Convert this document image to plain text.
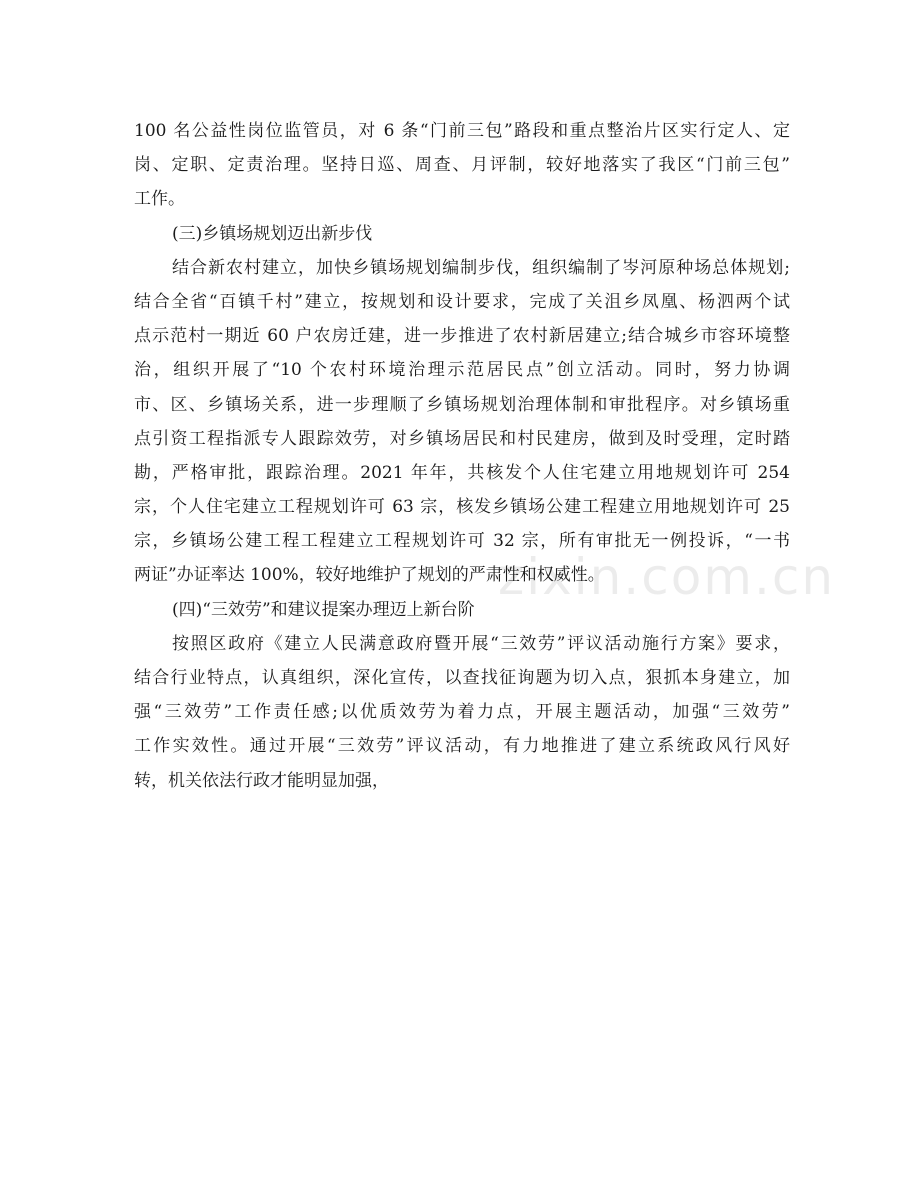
100 名公益性岗位监管员，对 6 条“门前三包”路段和重点整治片区实行定人、定
岗、定职、定责治理。坚持日巡、周查、月评制，较好地落实了我区“门前三包”
工作。
(三)乡镇场规划迈出新步伐
结合新农村建立，加快乡镇场规划编制步伐，组织编制了岑河原种场总体规划;
结合全省“百镇千村”建立，按规划和设计要求，完成了关沮乡凤凰、杨泗两个试
点示范村一期近 60 户农房迁建，进一步推进了农村新居建立;结合城乡市容环境整
治，组织开展了“10 个农村环境治理示范居民点”创立活动。同时，努力协调
市、区、乡镇场关系，进一步理顺了乡镇场规划治理体制和审批程序。对乡镇场重
点引资工程指派专人跟踪效劳，对乡镇场居民和村民建房，做到及时受理，定时踏
勘，严格审批，跟踪治理。2021 年年，共核发个人住宅建立用地规划许可 254
宗，个人住宅建立工程规划许可 63 宗，核发乡镇场公建工程建立用地规划许可 25
宗，乡镇场公建工程工程建立工程规划许可 32 宗，所有审批无一例投诉，“一书
两证”办证率达 100%，较好地维护了规划的严肃性和权威性。
(四)“三效劳”和建议提案办理迈上新台阶
按照区政府《建立人民满意政府暨开展“三效劳”评议活动施行方案》要求，
结合行业特点，认真组织，深化宣传，以查找征询题为切入点，狠抓本身建立，加
强“三效劳”工作责任感;以优质效劳为着力点，开展主题活动，加强“三效劳”
工作实效性。通过开展“三效劳”评议活动，有力地推进了建立系统政风行风好
转，机关依法行政才能明显加强，
zixin.com.cn
